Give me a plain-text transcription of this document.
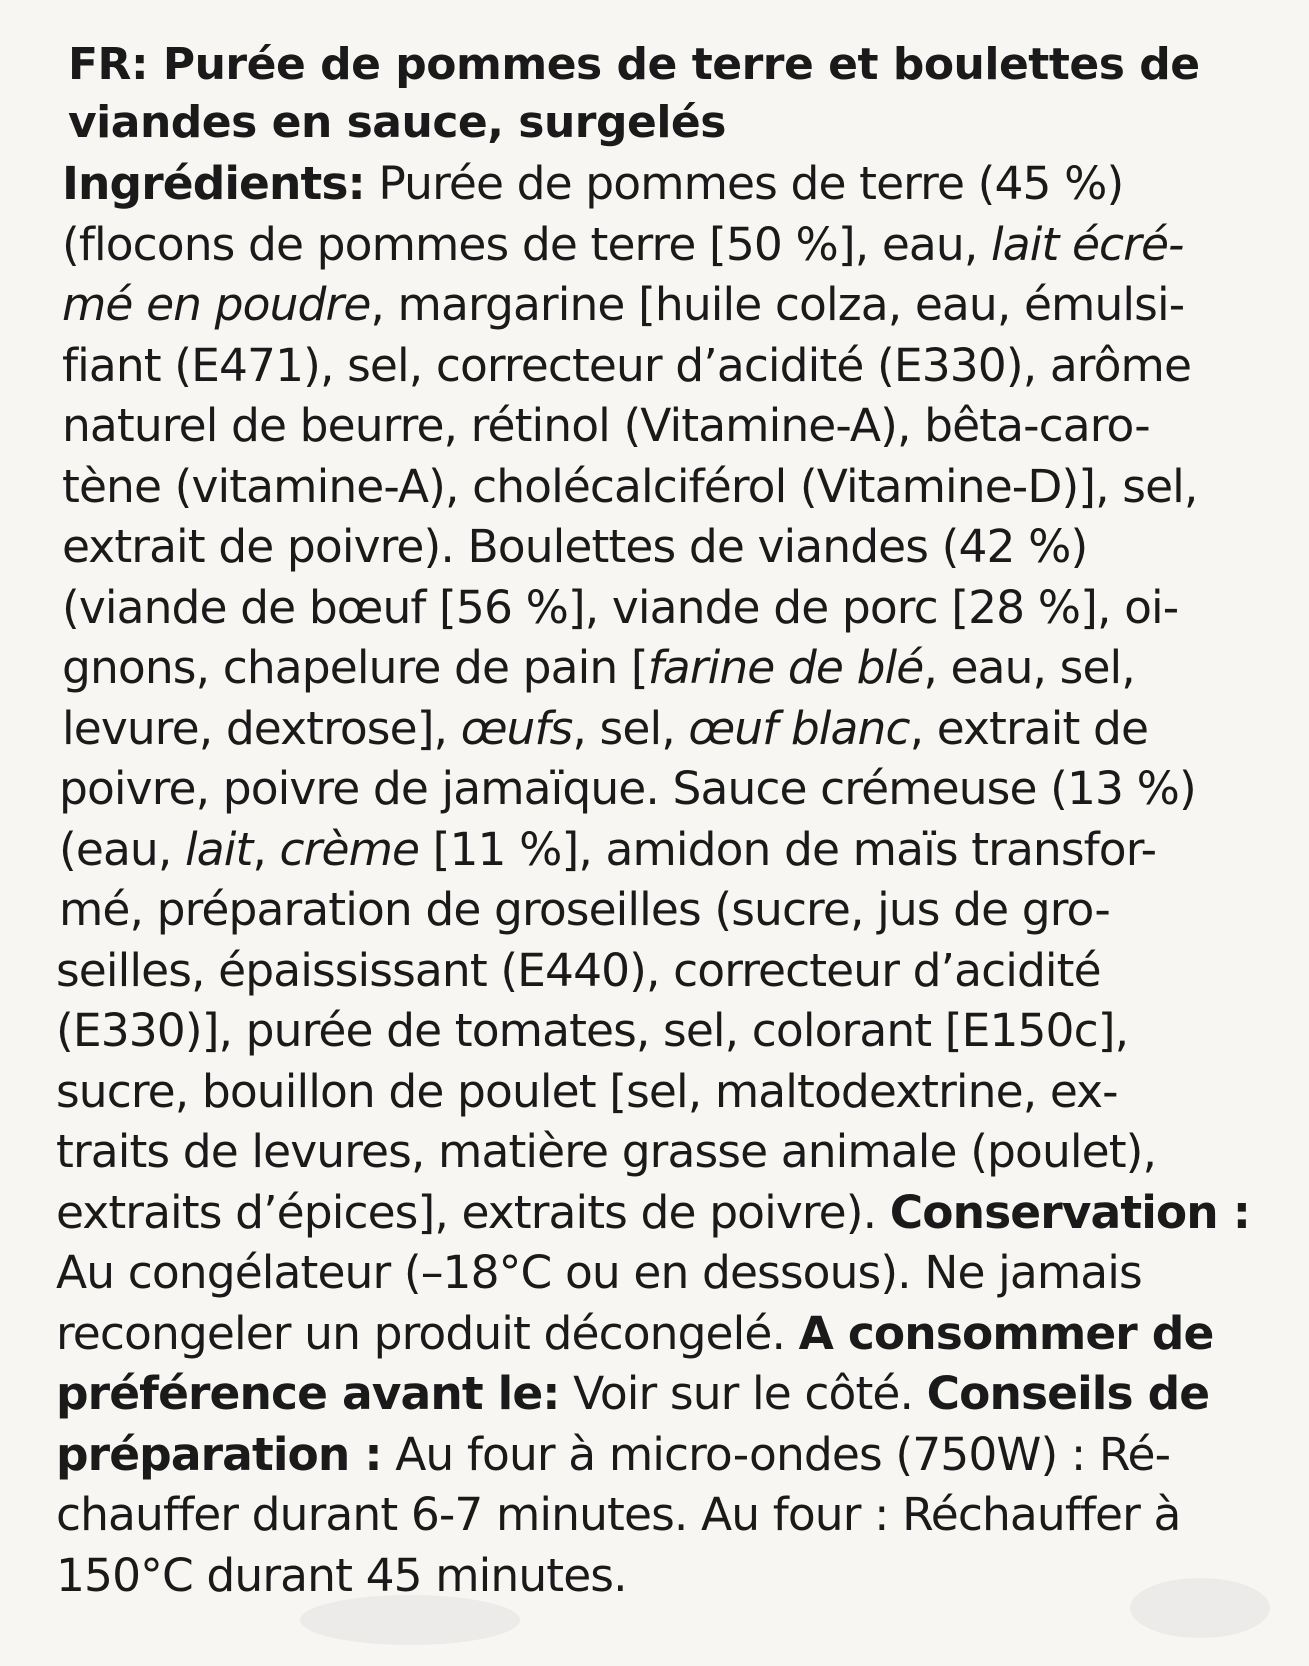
FR: Purée de pommes de terre et boulettes de
viandes en sauce, surgelés

Ingrédients: Purée de pommes de terre (45 %)
(flocons de pommes de terre [50 %], eau, lait écré-
mé en poudre, margarine [huile colza, eau, émulsi-
fiant (E471), sel, correcteur d’acidité (E330), arôme
naturel de beurre, rétinol (Vitamine-A), bêta-caro-
tène (vitamine-A), cholécalciférol (Vitamine-D)], sel,
extrait de poivre). Boulettes de viandes (42 %)
(viande de bœuf [56 %], viande de porc [28 %], oi-
gnons, chapelure de pain [farine de blé, eau, sel,
levure, dextrose], œufs, sel, œuf blanc, extrait de
poivre, poivre de jamaïque. Sauce crémeuse (13 %)
(eau, lait, crème [11 %], amidon de maïs transfor-
mé, préparation de groseilles (sucre, jus de gro-
seilles, épaississant (E440), correcteur d’acidité
(E330)], purée de tomates, sel, colorant [E150c],
sucre, bouillon de poulet [sel, maltodextrine, ex-
traits de levures, matière grasse animale (poulet),
extraits d’épices], extraits de poivre). Conservation :
Au congélateur (–18°C ou en dessous). Ne jamais
recongeler un produit décongelé. A consommer de
préférence avant le: Voir sur le côté. Conseils de
préparation : Au four à micro-ondes (750W) : Ré-
chauffer durant 6-7 minutes. Au four : Réchauffer à
150°C durant 45 minutes.
